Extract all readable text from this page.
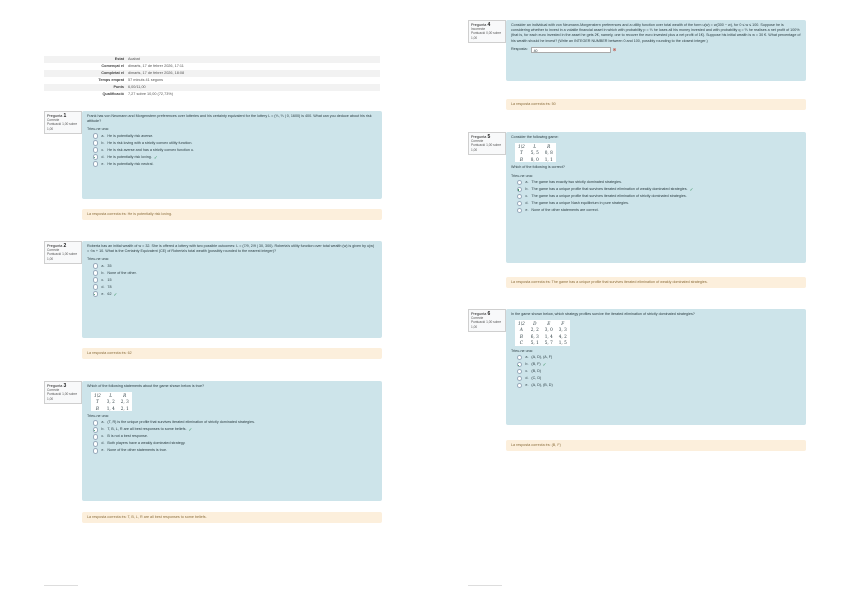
Estat	Acabat
Començat el	dimarts, 17 de febrer 2026, 17:11
Completat el	dimarts, 17 de febrer 2026, 18:08
Temps emprat	57 minuts 41 segons
Punts	6,00/11,00
Qualificació	7,27 sobre 10,00 (72,73%)
Pregunta 1
Correcte
Puntuació 1,00 sobre 1,00
Frank has von Neumann and Morgenstern preferences over lotteries and his certainty equivalent for the lottery L = (⅓, ⅔ | 0, 1600) is 400. What can you deduce about his risk attitude?
Trieu-ne una:
a. He is potentially risk averse.
b. He is risk loving with a strictly convex utility function.
c. He is risk averse and has a strictly convex function u.
d. He is potentially risk loving. ✓
e. He is potentially risk neutral.
La resposta correcta és: He is potentially risk loving.
Pregunta 2
Correcte
Puntuació 1,00 sobre 1,00
Roberta has an initial wealth of w = 32. She is offered a lottery with two possible outcomes: L = (7/9, 2/9 | 30, 300). Roberta's utility function over total wealth (w) is given by u(w) = √w + 10. What is the Certainty Equivalent (CE) of Roberta's total wealth (possibly rounded to the nearest integer)?
Trieu-ne una:
a. 35
b. None of the other.
c. 15
d. 78
e. 62 ✓
La resposta correcta és: 62
Pregunta 3
Correcte
Puntuació 1,00 sobre 1,00
Which of the following statements about the game shown below is true?
1\2	L	R
T	3, 2	2, 3
B	1, 4	2, 1
Trieu-ne una:
a. (T, R) is the unique profile that survives iterated elimination of strictly dominated strategies.
b. T, B, L, R are all best responses to some beliefs. ✓
c. B is not a best response.
d. Both players have a weakly dominated strategy.
e. None of the other statements is true.
La resposta correcta és: T, B, L, R are all best responses to some beliefs.
Pregunta 4
Incorrecte
Puntuació 0,00 sobre 1,00
Consider an individual with von Neumann-Morgenstern preferences and a utility function over total wealth of the form u(w) = w(300 − w), for 0 ≤ w ≤ 100. Suppose he is considering whether to invest in a volatile financial asset in which with probability p = ⅓ he loses all his money invested and with probability q = ⅔ he realises a net profit of 100% (that is, for each euro invested in the asset he gets 2€, namely, one to recover the euro invested plus a net profit of 1€). Suppose his initial wealth is w = 30 €. What percentage of his wealth should he invest? (Write an INTEGER NUMBER between 0 and 100, possibly rounding to the closest integer.)
Resposta:	40	⊗
La resposta correcta és: 50
Pregunta 5
Correcte
Puntuació 1,00 sobre 1,00
Consider the following game:
1\2	L	R
T	5, 5	0, 8
B	8, 0	1, 1
Which of the following is correct?
Trieu-ne una:
a. The game has exactly two strictly dominated strategies.
b. The game has a unique profile that survives iterated elimination of weakly dominated strategies. ✓
c. The game has a unique profile that survives iterated elimination of strictly dominated strategies.
d. The game has a unique Nash equilibrium in pure strategies.
e. None of the other statements are correct.
La resposta correcta és: The game has a unique profile that survives iterated elimination of weakly dominated strategies.
Pregunta 6
Correcte
Puntuació 1,00 sobre 1,00
In the game shown below, which strategy profiles survive the iterated elimination of strictly dominated strategies?
1\2	D	E	F
A	2, 2	3, 0	3, 3
B	6, 3	1, 4	4, 2
C	5, 1	5, 7	1, 5
Trieu-ne una:
a. (A, D), (A, F)
b. (B, F) ✓
c. (B, D)
d. (C, D)
e. (A, D), (B, D)
La resposta correcta és: (B, F)
